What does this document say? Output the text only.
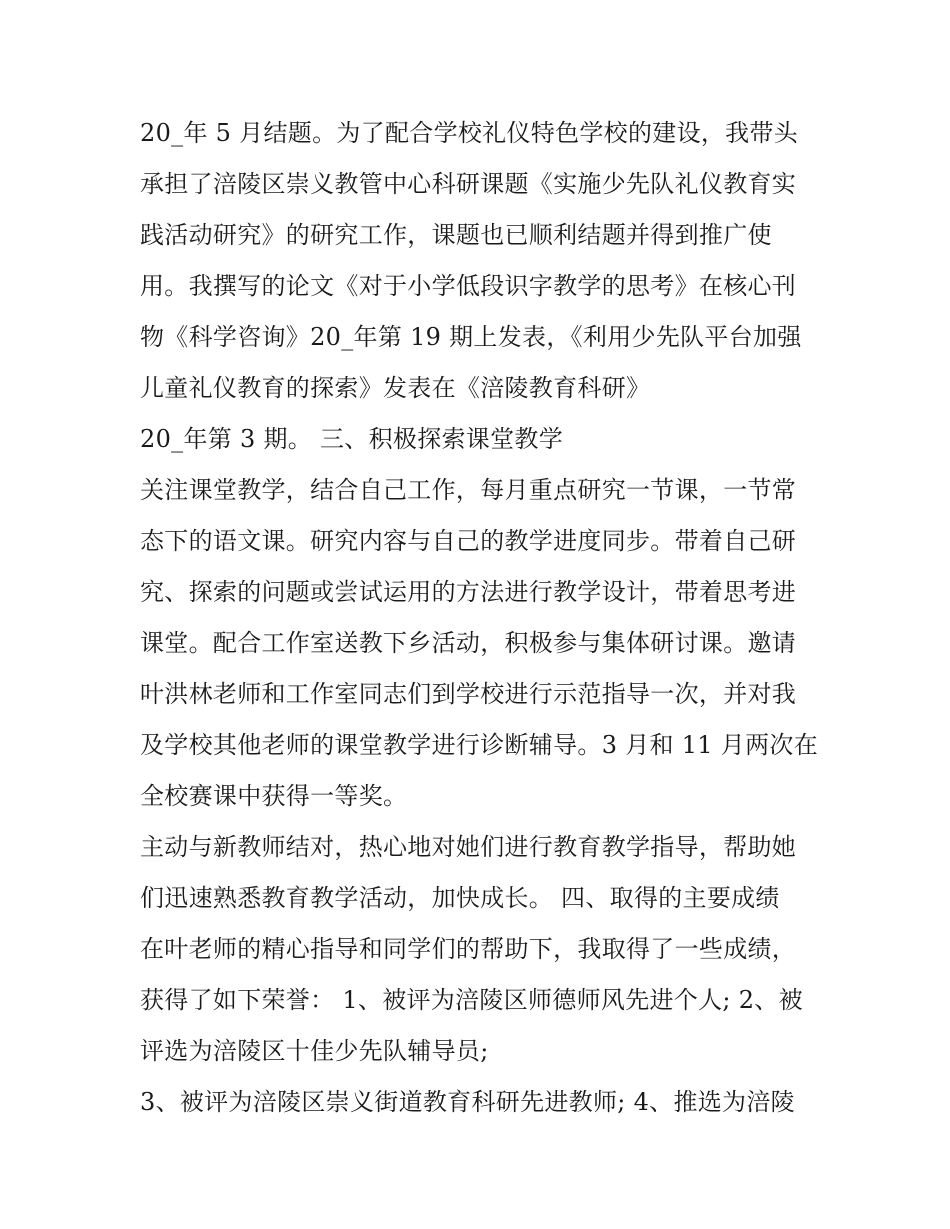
20_年 5 月结题。为了配合学校礼仪特色学校的建设，我带头
承担了涪陵区崇义教管中心科研课题《实施少先队礼仪教育实
践活动研究》的研究工作，课题也已顺利结题并得到推广使
用。我撰写的论文《对于小学低段识字教学的思考》在核心刊
物《科学咨询》20_年第 19 期上发表，《利用少先队平台加强
儿童礼仪教育的探索》发表在《涪陵教育科研》
20_年第 3 期。 三、积极探索课堂教学
关注课堂教学，结合自己工作，每月重点研究一节课，一节常
态下的语文课。研究内容与自己的教学进度同步。带着自己研
究、探索的问题或尝试运用的方法进行教学设计，带着思考进
课堂。配合工作室送教下乡活动，积极参与集体研讨课。邀请
叶洪林老师和工作室同志们到学校进行示范指导一次，并对我
及学校其他老师的课堂教学进行诊断辅导。3 月和 11 月两次在
全校赛课中获得一等奖。
主动与新教师结对，热心地对她们进行教育教学指导，帮助她
们迅速熟悉教育教学活动，加快成长。 四、取得的主要成绩
在叶老师的精心指导和同学们的帮助下，我取得了一些成绩，
获得了如下荣誉： 1、被评为涪陵区师德师风先进个人; 2、被
评选为涪陵区十佳少先队辅导员;
3、被评为涪陵区崇义街道教育科研先进教师; 4、推选为涪陵
